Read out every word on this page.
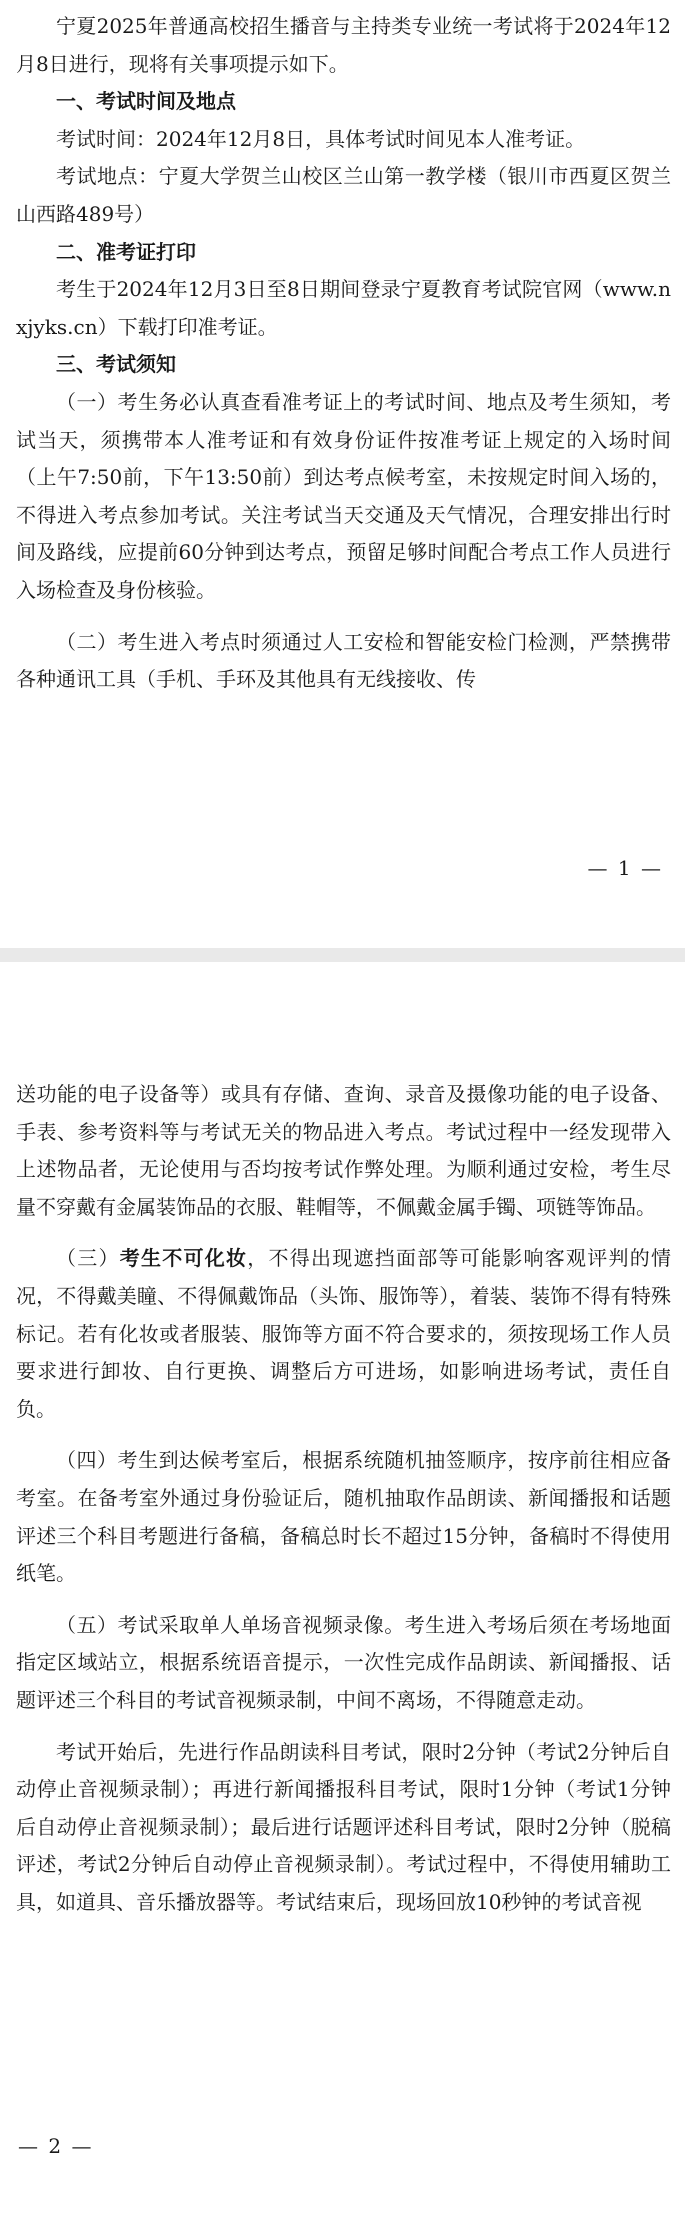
宁夏2025年普通高校招生播音与主持类专业统一考试将于2024年12月8日进行，现将有关事项提示如下。

一、考试时间及地点

考试时间：2024年12月8日，具体考试时间见本人准考证。

考试地点：宁夏大学贺兰山校区兰山第一教学楼（银川市西夏区贺兰山西路489号）

二、准考证打印

考生于2024年12月3日至8日期间登录宁夏教育考试院官网（www.nxjyks.cn）下载打印准考证。

三、考试须知

（一）考生务必认真查看准考证上的考试时间、地点及考生须知，考试当天，须携带本人准考证和有效身份证件按准考证上规定的入场时间（上午7:50前，下午13:50前）到达考点候考室，未按规定时间入场的，不得进入考点参加考试。关注考试当天交通及天气情况，合理安排出行时间及路线，应提前60分钟到达考点，预留足够时间配合考点工作人员进行入场检查及身份核验。

（二）考生进入考点时须通过人工安检和智能安检门检测，严禁携带各种通讯工具（手机、手环及其他具有无线接收、传

— 1 —

送功能的电子设备等）或具有存储、查询、录音及摄像功能的电子设备、手表、参考资料等与考试无关的物品进入考点。考试过程中一经发现带入上述物品者，无论使用与否均按考试作弊处理。为顺利通过安检，考生尽量不穿戴有金属装饰品的衣服、鞋帽等，不佩戴金属手镯、项链等饰品。

（三）考生不可化妆，不得出现遮挡面部等可能影响客观评判的情况，不得戴美瞳、不得佩戴饰品（头饰、服饰等），着装、装饰不得有特殊标记。若有化妆或者服装、服饰等方面不符合要求的，须按现场工作人员要求进行卸妆、自行更换、调整后方可进场，如影响进场考试，责任自负。

（四）考生到达候考室后，根据系统随机抽签顺序，按序前往相应备考室。在备考室外通过身份验证后，随机抽取作品朗读、新闻播报和话题评述三个科目考题进行备稿，备稿总时长不超过15分钟，备稿时不得使用纸笔。

（五）考试采取单人单场音视频录像。考生进入考场后须在考场地面指定区域站立，根据系统语音提示，一次性完成作品朗读、新闻播报、话题评述三个科目的考试音视频录制，中间不离场，不得随意走动。

考试开始后，先进行作品朗读科目考试，限时2分钟（考试2分钟后自动停止音视频录制）；再进行新闻播报科目考试，限时1分钟（考试1分钟后自动停止音视频录制）；最后进行话题评述科目考试，限时2分钟（脱稿评述，考试2分钟后自动停止音视频录制）。考试过程中，不得使用辅助工具，如道具、音乐播放器等。考试结束后，现场回放10秒钟的考试音视

— 2 —
